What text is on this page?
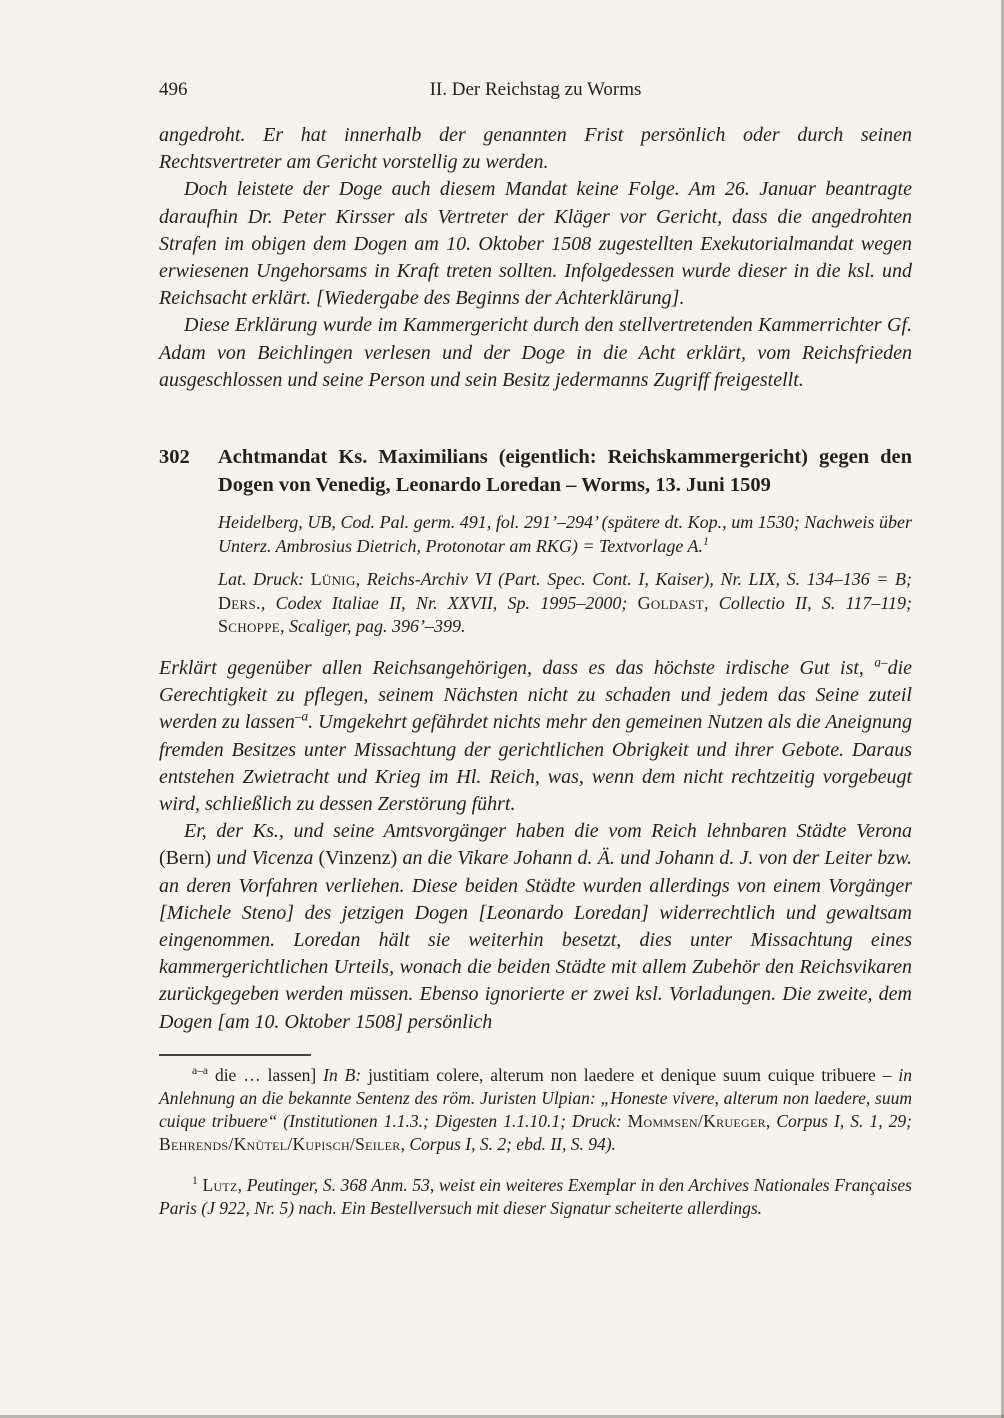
496	II. Der Reichstag zu Worms

angedroht. Er hat innerhalb der genannten Frist persönlich oder durch seinen Rechtsvertreter am Gericht vorstellig zu werden.

Doch leistete der Doge auch diesem Mandat keine Folge. Am 26. Januar beantragte daraufhin Dr. Peter Kirsser als Vertreter der Kläger vor Gericht, dass die angedrohten Strafen im obigen dem Dogen am 10. Oktober 1508 zugestellten Exekutorialmandat wegen erwiesenen Ungehorsams in Kraft treten sollten. Infolgedessen wurde dieser in die ksl. und Reichsacht erklärt. [Wiedergabe des Beginns der Achterklärung].

Diese Erklärung wurde im Kammergericht durch den stellvertretenden Kammerrichter Gf. Adam von Beichlingen verlesen und der Doge in die Acht erklärt, vom Reichsfrieden ausgeschlossen und seine Person und sein Besitz jedermanns Zugriff freigestellt.

302 Achtmandat Ks. Maximilians (eigentlich: Reichskammergericht) gegen den Dogen von Venedig, Leonardo Loredan – Worms, 13. Juni 1509

Heidelberg, UB, Cod. Pal. germ. 491, fol. 291’–294’ (spätere dt. Kop., um 1530; Nachweis über Unterz. Ambrosius Dietrich, Protonotar am RKG) = Textvorlage A.$^1$

Lat. Druck: Lünig, Reichs-Archiv VI (Part. Spec. Cont. I, Kaiser), Nr. LIX, S. 134–136 = B; Ders., Codex Italiae II, Nr. XXVII, Sp. 1995–2000; Goldast, Collectio II, S. 117–119; Schoppe, Scaliger, pag. 396’–399.

Erklärt gegenüber allen Reichsangehörigen, dass es das höchste irdische Gut ist, $^{a-}$die Gerechtigkeit zu pflegen, seinem Nächsten nicht zu schaden und jedem das Seine zuteil werden zu lassen$^{-a}$. Umgekehrt gefährdet nichts mehr den gemeinen Nutzen als die Aneignung fremden Besitzes unter Missachtung der gerichtlichen Obrigkeit und ihrer Gebote. Daraus entstehen Zwietracht und Krieg im Hl. Reich, was, wenn dem nicht rechtzeitig vorgebeugt wird, schließlich zu dessen Zerstörung führt.

Er, der Ks., und seine Amtsvorgänger haben die vom Reich lehnbaren Städte Verona (Bern) und Vicenza (Vinzenz) an die Vikare Johann d. Ä. und Johann d. J. von der Leiter bzw. an deren Vorfahren verliehen. Diese beiden Städte wurden allerdings von einem Vorgänger [Michele Steno] des jetzigen Dogen [Leonardo Loredan] widerrechtlich und gewaltsam eingenommen. Loredan hält sie weiterhin besetzt, dies unter Missachtung eines kammergerichtlichen Urteils, wonach die beiden Städte mit allem Zubehör den Reichsvikaren zurückgegeben werden müssen. Ebenso ignorierte er zwei ksl. Vorladungen. Die zweite, dem Dogen [am 10. Oktober 1508] persönlich

$^{a-a}$ die … lassen] In B: justitiam colere, alterum non laedere et denique suum cuique tribuere – in Anlehnung an die bekannte Sentenz des röm. Juristen Ulpian: „Honeste vivere, alterum non laedere, suum cuique tribuere“ (Institutionen 1.1.3.; Digesten 1.1.10.1; Druck: Mommsen/Krueger, Corpus I, S. 1, 29; Behrends/Knütel/Kupisch/Seiler, Corpus I, S. 2; ebd. II, S. 94).

$^1$ Lutz, Peutinger, S. 368 Anm. 53, weist ein weiteres Exemplar in den Archives Nationales Françaises Paris (J 922, Nr. 5) nach. Ein Bestellversuch mit dieser Signatur scheiterte allerdings.
